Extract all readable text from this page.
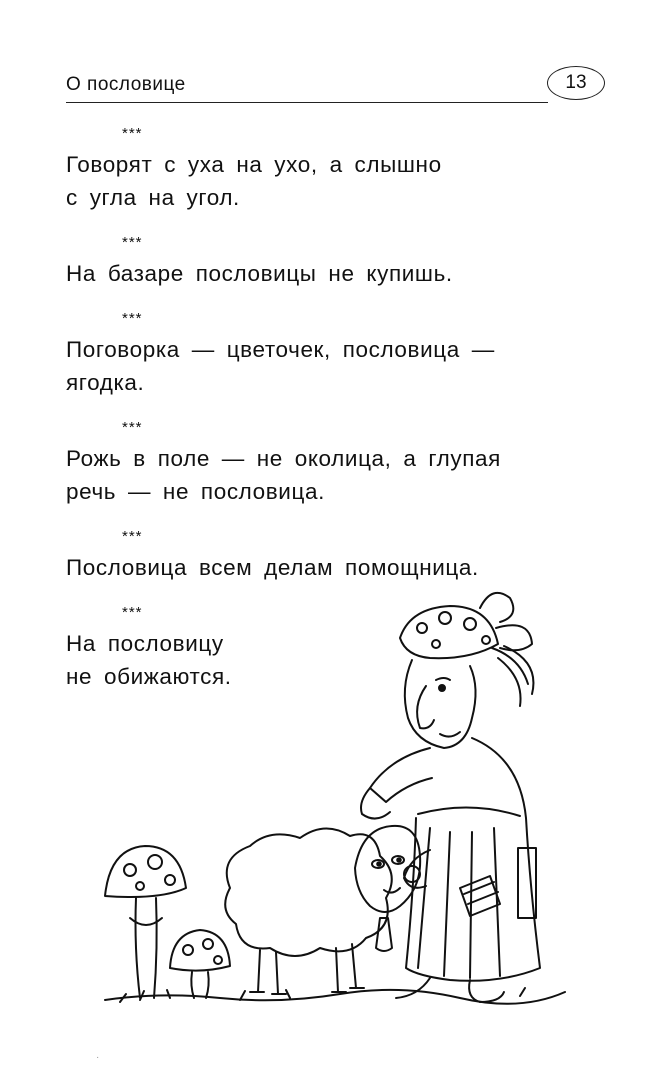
О пословице	13
***
Говорят с уха на ухо, а слышно
с угла на угол.
***
На базаре пословицы не купишь.
***
Поговорка — цветочек, пословица —
ягодка.
***
Рожь в поле — не околица, а глупая
речь — не пословица.
***
Пословица всем делам помощница.
***
На пословицу
не обижаются.
·
